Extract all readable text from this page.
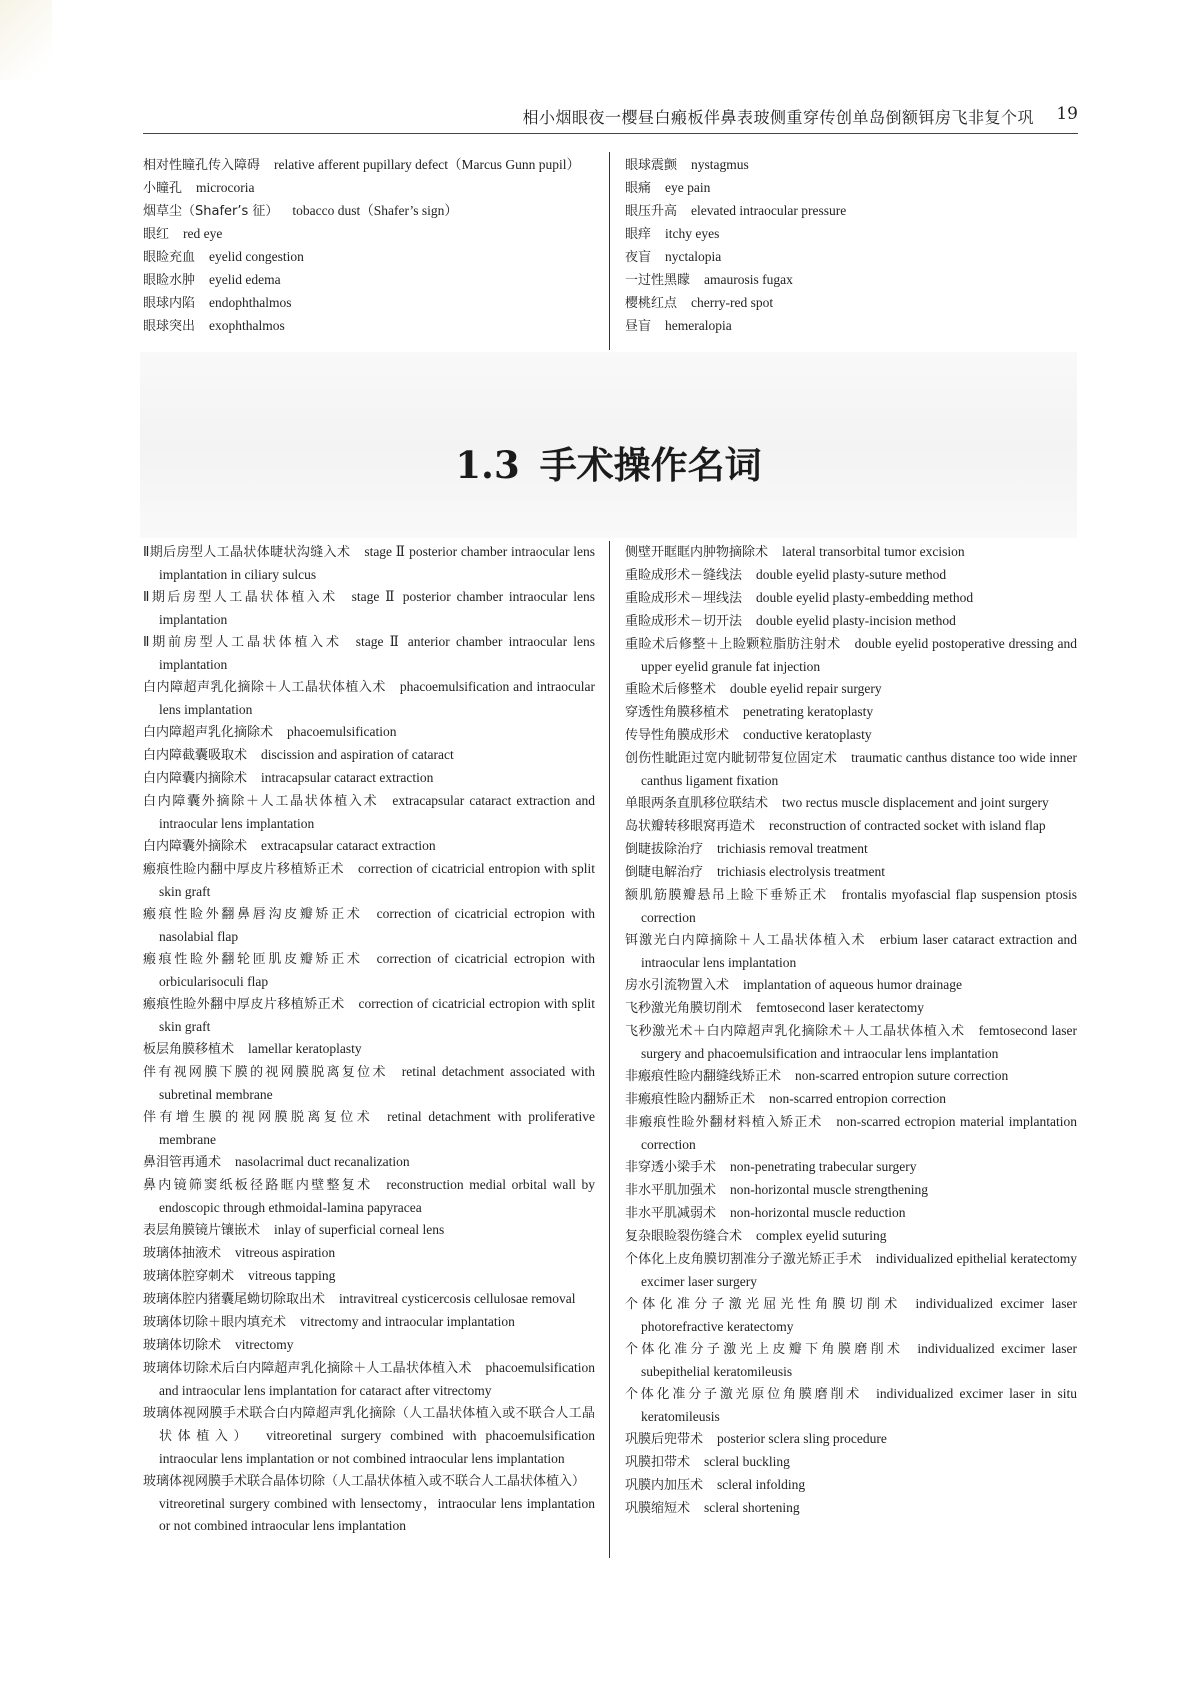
相小烟眼夜一樱昼白瘢板伴鼻表玻侧重穿传创单岛倒额铒房飞非复个巩 19
相对性瞳孔传入障碍 relative afferent pupillary defect（Marcus Gunn pupil）
小瞳孔 microcoria
烟草尘（Shafer’s 征） tobacco dust（Shafer’s sign）
眼红 red eye
眼睑充血 eyelid congestion
眼睑水肿 eyelid edema
眼球内陷 endophthalmos
眼球突出 exophthalmos
眼球震颤 nystagmus
眼痛 eye pain
眼压升高 elevated intraocular pressure
眼痒 itchy eyes
夜盲 nyctalopia
一过性黑矇 amaurosis fugax
樱桃红点 cherry-red spot
昼盲 hemeralopia
1.3 手术操作名词
Ⅱ期后房型人工晶状体睫状沟缝入术 stage Ⅱ posterior chamber intraocular lens implantation in ciliary sulcus
Ⅱ期后房型人工晶状体植入术 stage Ⅱ posterior chamber intraocular lens implantation
Ⅱ期前房型人工晶状体植入术 stage Ⅱ anterior chamber intraocular lens implantation
白内障超声乳化摘除＋人工晶状体植入术 phacoemulsification and intraocular lens implantation
白内障超声乳化摘除术 phacoemulsification
白内障截囊吸取术 discission and aspiration of cataract
白内障囊内摘除术 intracapsular cataract extraction
白内障囊外摘除＋人工晶状体植入术 extracapsular cataract extraction and intraocular lens implantation
白内障囊外摘除术 extracapsular cataract extraction
瘢痕性睑内翻中厚皮片移植矫正术 correction of cicatricial entropion with split skin graft
瘢痕性睑外翻鼻唇沟皮瓣矫正术 correction of cicatricial ectropion with nasolabial flap
瘢痕性睑外翻轮匝肌皮瓣矫正术 correction of cicatricial ectropion with orbicularisoculi flap
瘢痕性睑外翻中厚皮片移植矫正术 correction of cicatricial ectropion with split skin graft
板层角膜移植术 lamellar keratoplasty
伴有视网膜下膜的视网膜脱离复位术 retinal detachment associated with subretinal membrane
伴有增生膜的视网膜脱离复位术 retinal detachment with proliferative membrane
鼻泪管再通术 nasolacrimal duct recanalization
鼻内镜筛窦纸板径路眶内壁整复术 reconstruction medial orbital wall by endoscopic through ethmoidal-lamina papyracea
表层角膜镜片镶嵌术 inlay of superficial corneal lens
玻璃体抽液术 vitreous aspiration
玻璃体腔穿刺术 vitreous tapping
玻璃体腔内猪囊尾蚴切除取出术 intravitreal cysticercosis cellulosae removal
玻璃体切除＋眼内填充术 vitrectomy and intraocular implantation
玻璃体切除术 vitrectomy
玻璃体切除术后白内障超声乳化摘除＋人工晶状体植入术 phacoemulsification and intraocular lens implantation for cataract after vitrectomy
玻璃体视网膜手术联合白内障超声乳化摘除（人工晶状体植入或不联合人工晶状体植入） vitreoretinal surgery combined with phacoemulsification intraocular lens implantation or not combined intraocular lens implantation
玻璃体视网膜手术联合晶体切除（人工晶状体植入或不联合人工晶状体植入）vitreoretinal surgery combined with lensectomy，intraocular lens implantation or not combined intraocular lens implantation
侧壁开眶眶内肿物摘除术 lateral transorbital tumor excision
重睑成形术－缝线法 double eyelid plasty-suture method
重睑成形术－埋线法 double eyelid plasty-embedding method
重睑成形术－切开法 double eyelid plasty-incision method
重睑术后修整＋上睑颗粒脂肪注射术 double eyelid postoperative dressing and upper eyelid granule fat injection
重睑术后修整术 double eyelid repair surgery
穿透性角膜移植术 penetrating keratoplasty
传导性角膜成形术 conductive keratoplasty
创伤性眦距过宽内眦韧带复位固定术 traumatic canthus distance too wide inner canthus ligament fixation
单眼两条直肌移位联结术 two rectus muscle displacement and joint surgery
岛状瓣转移眼窝再造术 reconstruction of contracted socket with island flap
倒睫拔除治疗 trichiasis removal treatment
倒睫电解治疗 trichiasis electrolysis treatment
额肌筋膜瓣悬吊上睑下垂矫正术 frontalis myofascial flap suspension ptosis correction
铒激光白内障摘除＋人工晶状体植入术 erbium laser cataract extraction and intraocular lens implantation
房水引流物置入术 implantation of aqueous humor drainage
飞秒激光角膜切削术 femtosecond laser keratectomy
飞秒激光术＋白内障超声乳化摘除术＋人工晶状体植入术 femtosecond laser surgery and phacoemulsification and intraocular lens implantation
非瘢痕性睑内翻缝线矫正术 non-scarred entropion suture correction
非瘢痕性睑内翻矫正术 non-scarred entropion correction
非瘢痕性睑外翻材料植入矫正术 non-scarred ectropion material implantation correction
非穿透小梁手术 non-penetrating trabecular surgery
非水平肌加强术 non-horizontal muscle strengthening
非水平肌减弱术 non-horizontal muscle reduction
复杂眼睑裂伤缝合术 complex eyelid suturing
个体化上皮角膜切割准分子激光矫正手术 individualized epithelial keratectomy excimer laser surgery
个体化准分子激光屈光性角膜切削术 individualized excimer laser photorefractive keratectomy
个体化准分子激光上皮瓣下角膜磨削术 individualized excimer laser subepithelial keratomileusis
个体化准分子激光原位角膜磨削术 individualized excimer laser in situ keratomileusis
巩膜后兜带术 posterior sclera sling procedure
巩膜扣带术 scleral buckling
巩膜内加压术 scleral infolding
巩膜缩短术 scleral shortening
